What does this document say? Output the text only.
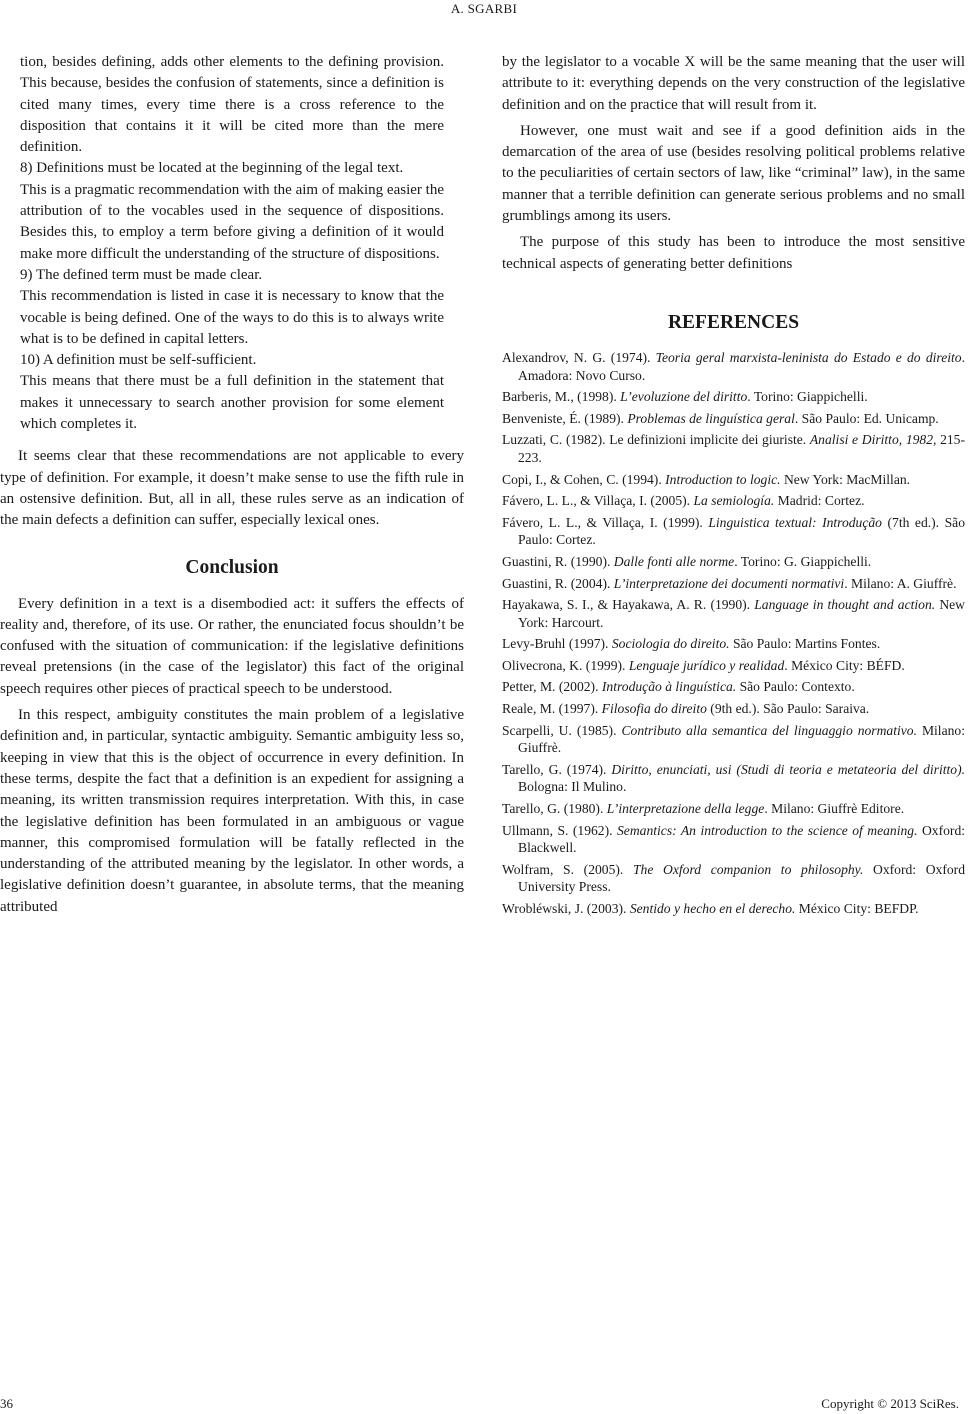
A. SGARBI

tion, besides defining, adds other elements to the defining provision. This because, besides the confusion of statements, since a definition is cited many times, every time there is a cross reference to the disposition that contains it it will be cited more than the mere definition.

8) Definitions must be located at the beginning of the legal text.

This is a pragmatic recommendation with the aim of making easier the attribution of to the vocables used in the sequence of dispositions. Besides this, to employ a term before giving a definition of it would make more difficult the understanding of the structure of dispositions.

9) The defined term must be made clear.

This recommendation is listed in case it is necessary to know that the vocable is being defined. One of the ways to do this is to always write what is to be defined in capital letters.

10) A definition must be self-sufficient.

This means that there must be a full definition in the statement that makes it unnecessary to search another provision for some element which completes it.

It seems clear that these recommendations are not applicable to every type of definition. For example, it doesn’t make sense to use the fifth rule in an ostensive definition. But, all in all, these rules serve as an indication of the main defects a definition can suffer, especially lexical ones.

Conclusion

Every definition in a text is a disembodied act: it suffers the effects of reality and, therefore, of its use. Or rather, the enunciated focus shouldn’t be confused with the situation of communication: if the legislative definitions reveal pretensions (in the case of the legislator) this fact of the original speech requires other pieces of practical speech to be understood.

In this respect, ambiguity constitutes the main problem of a legislative definition and, in particular, syntactic ambiguity. Semantic ambiguity less so, keeping in view that this is the object of occurrence in every definition. In these terms, despite the fact that a definition is an expedient for assigning a meaning, its written transmission requires interpretation. With this, in case the legislative definition has been formulated in an ambiguous or vague manner, this compromised formulation will be fatally reflected in the understanding of the attributed meaning by the legislator. In other words, a legislative definition doesn’t guarantee, in absolute terms, that the meaning attributed

by the legislator to a vocable X will be the same meaning that the user will attribute to it: everything depends on the very construction of the legislative definition and on the practice that will result from it.

However, one must wait and see if a good definition aids in the demarcation of the area of use (besides resolving political problems relative to the peculiarities of certain sectors of law, like “criminal” law), in the same manner that a terrible definition can generate serious problems and no small grumblings among its users.

The purpose of this study has been to introduce the most sensitive technical aspects of generating better definitions

REFERENCES

Alexandrov, N. G. (1974). Teoria geral marxista-leninista do Estado e do direito. Amadora: Novo Curso.

Barberis, M., (1998). L’evoluzione del diritto. Torino: Giappichelli.

Benveniste, É. (1989). Problemas de linguística geral. São Paulo: Ed. Unicamp.

Luzzati, C. (1982). Le definizioni implicite dei giuriste. Analisi e Diritto, 1982, 215-223.

Copi, I., & Cohen, C. (1994). Introduction to logic. New York: MacMillan.

Fávero, L. L., & Villaça, I. (2005). La semiología. Madrid: Cortez.

Fávero, L. L., & Villaça, I. (1999). Linguistica textual: Introdução (7th ed.). São Paulo: Cortez.

Guastini, R. (1990). Dalle fonti alle norme. Torino: G. Giappichelli.

Guastini, R. (2004). L’interpretazione dei documenti normativi. Milano: A. Giuffrè.

Hayakawa, S. I., & Hayakawa, A. R. (1990). Language in thought and action. New York: Harcourt.

Levy-Bruhl (1997). Sociologia do direito. São Paulo: Martins Fontes.

Olivecrona, K. (1999). Lenguaje jurídico y realidad. México City: BÉFD.

Petter, M. (2002). Introdução à linguística. São Paulo: Contexto.

Reale, M. (1997). Filosofia do direito (9th ed.). São Paulo: Saraiva.

Scarpelli, U. (1985). Contributo alla semantica del linguaggio normativo. Milano: Giuffrè.

Tarello, G. (1974). Diritto, enunciati, usi (Studi di teoria e metateoria del diritto). Bologna: Il Mulino.

Tarello, G. (1980). L’interpretazione della legge. Milano: Giuffrè Editore.

Ullmann, S. (1962). Semantics: An introduction to the science of meaning. Oxford: Blackwell.

Wolfram, S. (2005). The Oxford companion to philosophy. Oxford: Oxford University Press.

Wrobléwski, J. (2003). Sentido y hecho en el derecho. México City: BEFDP.

36	Copyright © 2013 SciRes.
